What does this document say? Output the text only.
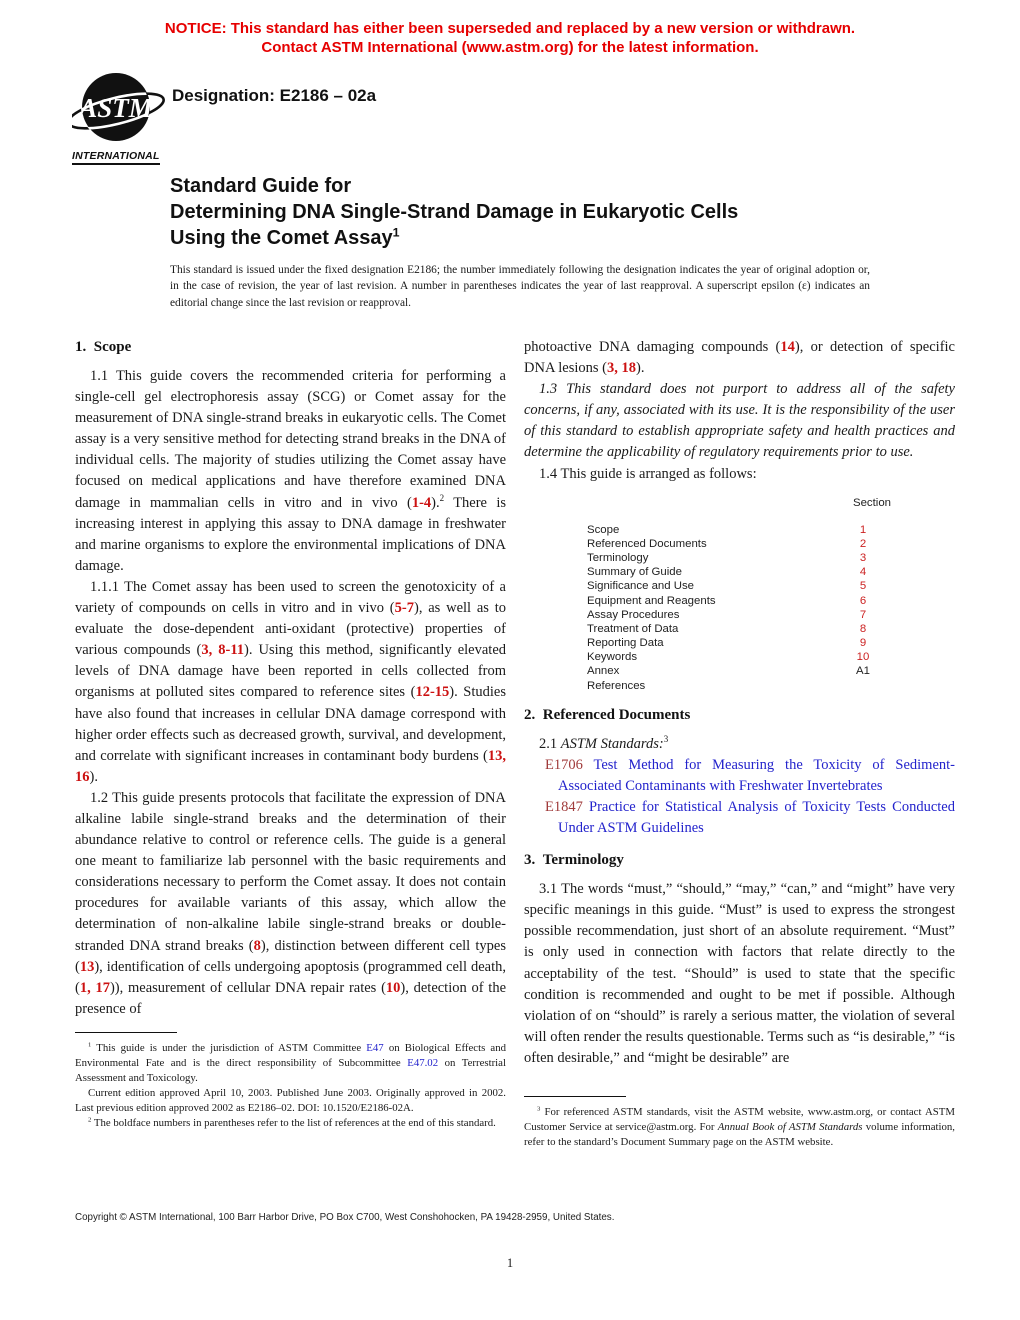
NOTICE: This standard has either been superseded and replaced by a new version or withdrawn.
Contact ASTM International (www.astm.org) for the latest information.
ASTM
INTERNATIONAL
Designation: E2186 – 02a
Standard Guide for
Determining DNA Single-Strand Damage in Eukaryotic Cells
Using the Comet Assay$^1$
This standard is issued under the fixed designation E2186; the number immediately following the designation indicates the year of original adoption or, in the case of revision, the year of last revision. A number in parentheses indicates the year of last reapproval. A superscript epsilon (ε) indicates an editorial change since the last revision or reapproval.
1. Scope

1.1 This guide covers the recommended criteria for performing a single-cell gel electrophoresis assay (SCG) or Comet assay for the measurement of DNA single-strand breaks in eukaryotic cells. The Comet assay is a very sensitive method for detecting strand breaks in the DNA of individual cells. The majority of studies utilizing the Comet assay have focused on medical applications and have therefore examined DNA damage in mammalian cells in vitro and in vivo (1-4).$^2$ There is increasing interest in applying this assay to DNA damage in freshwater and marine organisms to explore the environmental implications of DNA damage.

1.1.1 The Comet assay has been used to screen the genotoxicity of a variety of compounds on cells in vitro and in vivo (5-7), as well as to evaluate the dose-dependent anti-oxidant (protective) properties of various compounds (3, 8-11). Using this method, significantly elevated levels of DNA damage have been reported in cells collected from organisms at polluted sites compared to reference sites (12-15). Studies have also found that increases in cellular DNA damage correspond with higher order effects such as decreased growth, survival, and development, and correlate with significant increases in contaminant body burdens (13, 16).

1.2 This guide presents protocols that facilitate the expression of DNA alkaline labile single-strand breaks and the determination of their abundance relative to control or reference cells. The guide is a general one meant to familiarize lab personnel with the basic requirements and considerations necessary to perform the Comet assay. It does not contain procedures for available variants of this assay, which allow the determination of non-alkaline labile single-strand breaks or double-stranded DNA strand breaks (8), distinction between different cell types (13), identification of cells undergoing apoptosis (programmed cell death, (1, 17)), measurement of cellular DNA repair rates (10), detection of the presence of

photoactive DNA damaging compounds (14), or detection of specific DNA lesions (3, 18).

1.3 This standard does not purport to address all of the safety concerns, if any, associated with its use. It is the responsibility of the user of this standard to establish appropriate safety and health practices and determine the applicability of regulatory requirements prior to use.

1.4 This guide is arranged as follows:

Section
Scope	1
Referenced Documents	2
Terminology	3
Summary of Guide	4
Significance and Use	5
Equipment and Reagents	6
Assay Procedures	7
Treatment of Data	8
Reporting Data	9
Keywords	10
Annex	A1
References
2. Referenced Documents

2.1 ASTM Standards:$^3$

E1706 Test Method for Measuring the Toxicity of Sediment-Associated Contaminants with Freshwater Invertebrates

E1847 Practice for Statistical Analysis of Toxicity Tests Conducted Under ASTM Guidelines

3. Terminology

3.1 The words “must,” “should,” “may,” “can,” and “might” have very specific meanings in this guide. “Must” is used to express the strongest possible recommendation, just short of an absolute requirement. “Must” is only used in connection with factors that relate directly to the acceptability of the test. “Should” is used to state that the specific condition is recommended and ought to be met if possible. Although violation of on “should” is rarely a serious matter, the violation of several will often render the results questionable. Terms such as “is desirable,” “is often desirable,” and “might be desirable” are

$^1$ This guide is under the jurisdiction of ASTM Committee E47 on Biological Effects and Environmental Fate and is the direct responsibility of Subcommittee E47.02 on Terrestrial Assessment and Toxicology.

Current edition approved April 10, 2003. Published June 2003. Originally approved in 2002. Last previous edition approved 2002 as E2186–02. DOI: 10.1520/E2186-02A.

$^2$ The boldface numbers in parentheses refer to the list of references at the end of this standard.

$^3$ For referenced ASTM standards, visit the ASTM website, www.astm.org, or contact ASTM Customer Service at service@astm.org. For Annual Book of ASTM Standards volume information, refer to the standard’s Document Summary page on the ASTM website.

Copyright © ASTM International, 100 Barr Harbor Drive, PO Box C700, West Conshohocken, PA 19428-2959, United States.
1
